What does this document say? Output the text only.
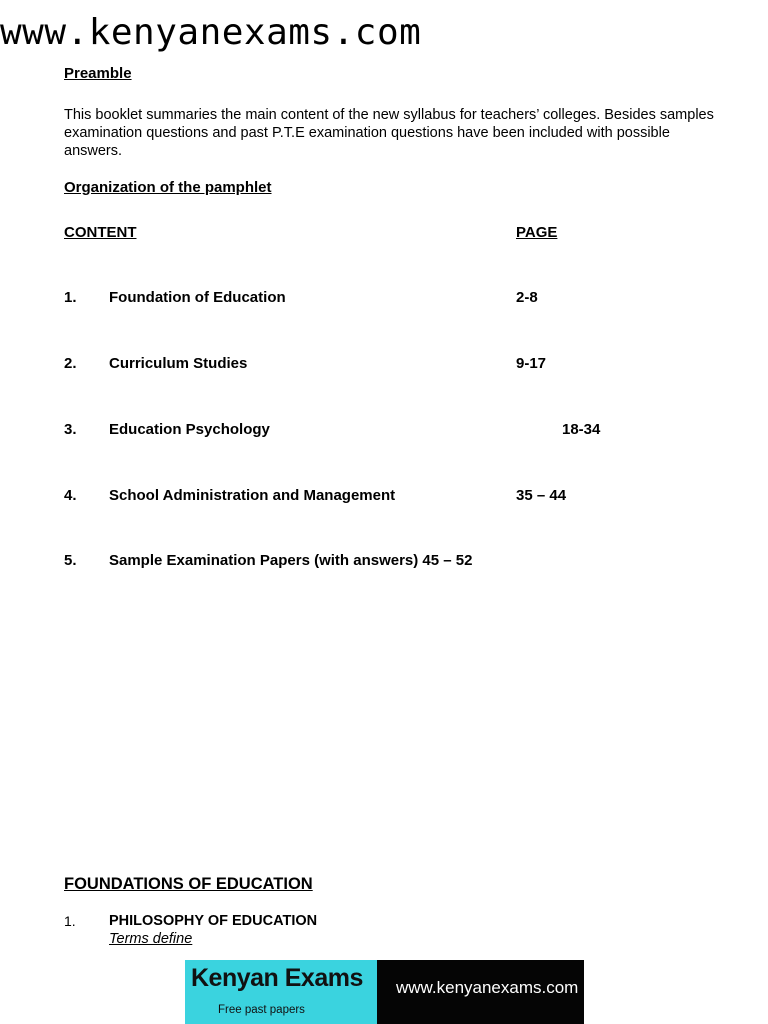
www.kenyanexams.com
Preamble
This booklet summaries the main content of the new syllabus for teachers’ colleges. Besides samples examination questions and past P.T.E examination questions have been included with possible answers.
Organization of the pamphlet
CONTENT	PAGE
1. Foundation of Education	2-8
2. Curriculum Studies	9-17
3. Education Psychology	18-34
4. School Administration and Management	35 – 44
5. Sample Examination Papers (with answers) 45 – 52
FOUNDATIONS OF EDUCATION
1. PHILOSOPHY OF EDUCATION
Terms define
Kenyan Exams
Free past papers
www.kenyanexams.com
